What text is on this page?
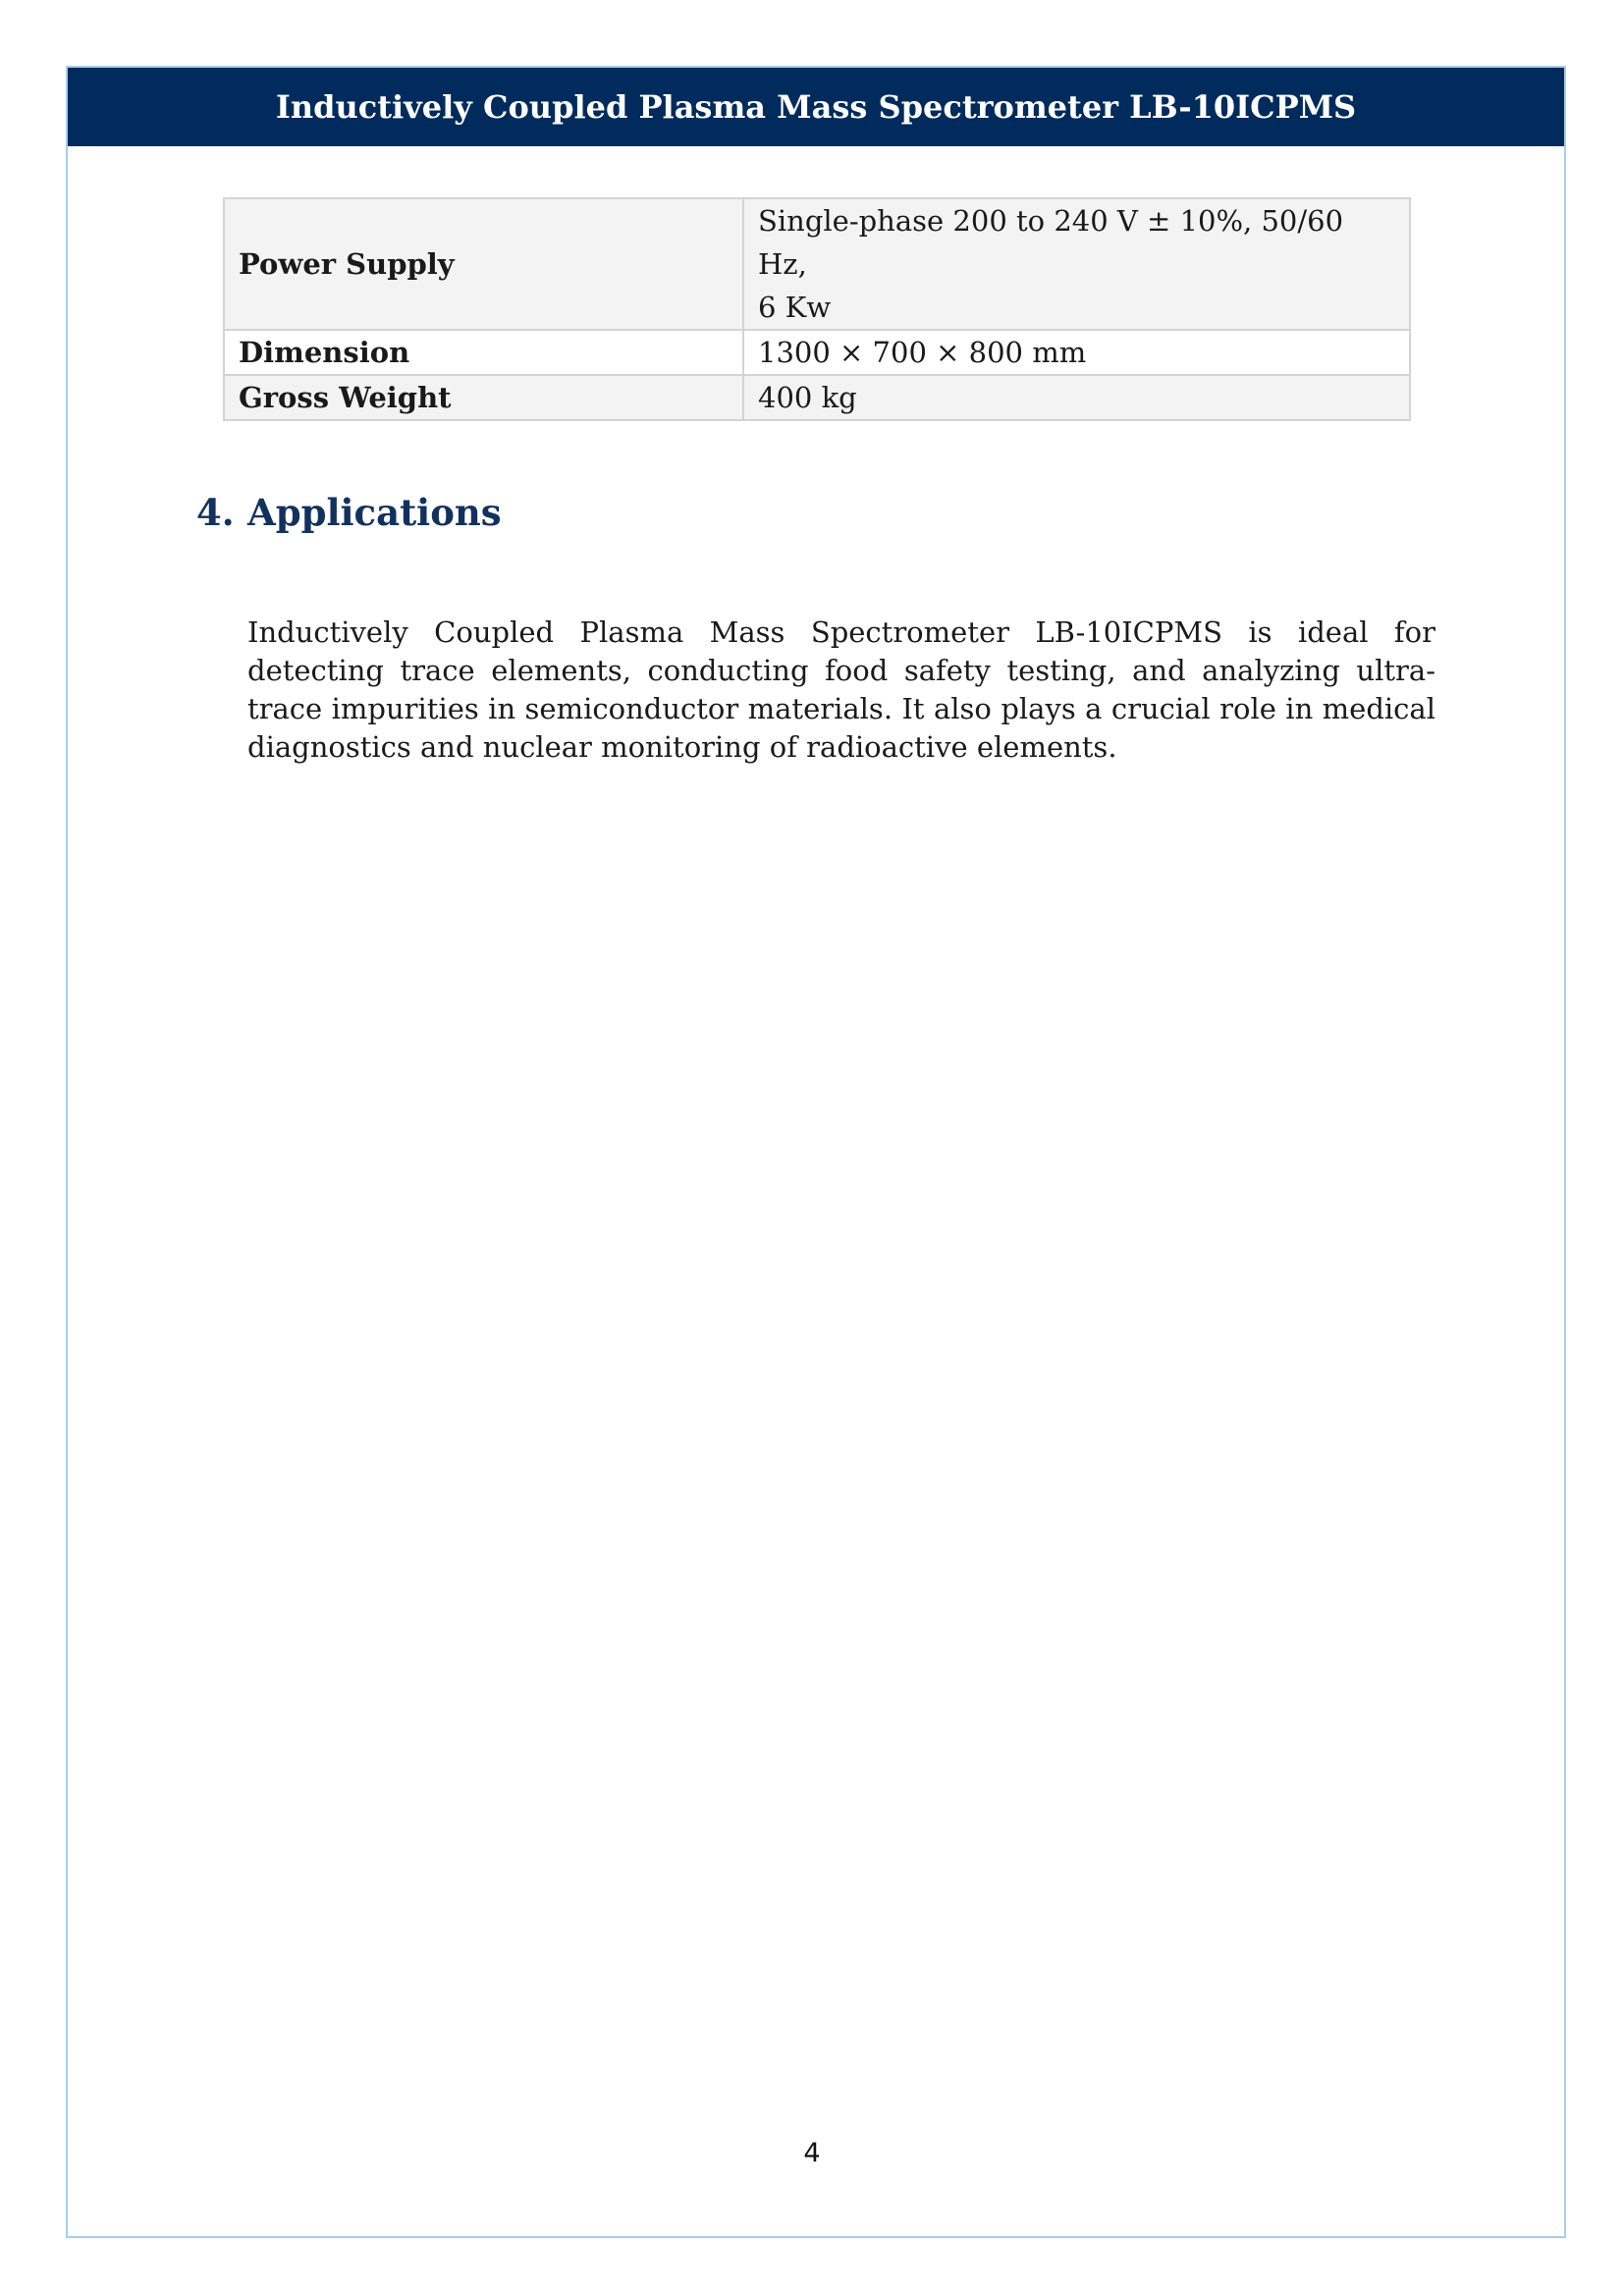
Inductively Coupled Plasma Mass Spectrometer LB-10ICPMS
Power Supply	Single-phase 200 to 240 V ± 10%, 50/60 Hz,
6 Kw
Dimension	1300 × 700 × 800 mm
Gross Weight	400 kg
4. Applications

Inductively Coupled Plasma Mass Spectrometer LB-10ICPMS is ideal for detecting trace elements, conducting food safety testing, and analyzing ultra-trace impurities in semiconductor materials. It also plays a crucial role in medical diagnostics and nuclear monitoring of radioactive elements.

4
